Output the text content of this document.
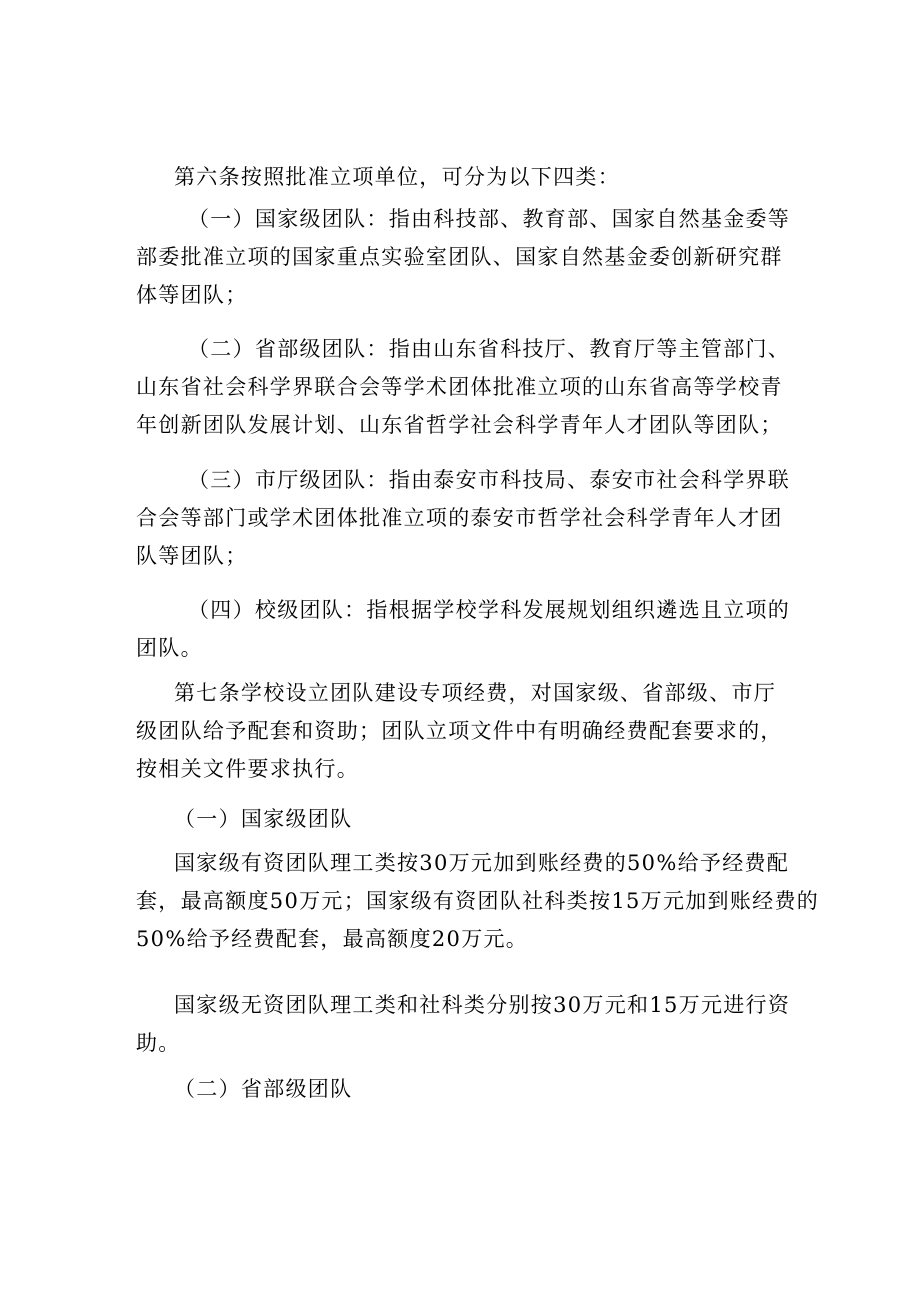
第六条按照批准立项单位，可分为以下四类：

（一）国家级团队：指由科技部、教育部、国家自然基金委等
部委批准立项的国家重点实验室团队、国家自然基金委创新研究群
体等团队；

（二）省部级团队：指由山东省科技厅、教育厅等主管部门、
山东省社会科学界联合会等学术团体批准立项的山东省高等学校青
年创新团队发展计划、山东省哲学社会科学青年人才团队等团队；

（三）市厅级团队：指由泰安市科技局、泰安市社会科学界联
合会等部门或学术团体批准立项的泰安市哲学社会科学青年人才团
队等团队；

（四）校级团队：指根据学校学科发展规划组织遴选且立项的
团队。

第七条学校设立团队建设专项经费，对国家级、省部级、市厅
级团队给予配套和资助；团队立项文件中有明确经费配套要求的，
按相关文件要求执行。

（一）国家级团队

国家级有资团队理工类按30万元加到账经费的50%给予经费配
套，最高额度50万元；国家级有资团队社科类按15万元加到账经费的
50%给予经费配套，最高额度20万元。

国家级无资团队理工类和社科类分别按30万元和15万元进行资
助。

（二）省部级团队
